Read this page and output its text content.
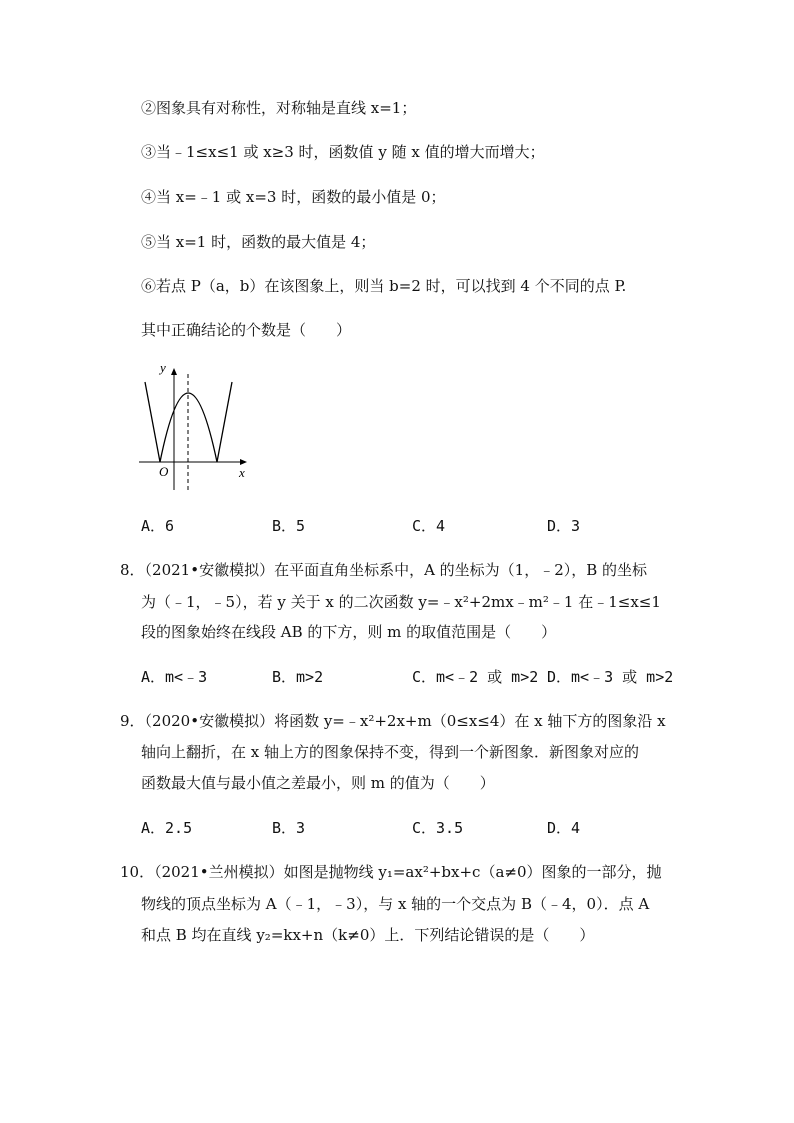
②图象具有对称性，对称轴是直线 x=1；
③当﹣1≤x≤1 或 x≥3 时，函数值 y 随 x 值的增大而增大；
④当 x=﹣1 或 x=3 时，函数的最小值是 0；
⑤当 x=1 时，函数的最大值是 4；
⑥若点 P（a，b）在该图象上，则当 b=2 时，可以找到 4 个不同的点 P.
其中正确结论的个数是（　　）
y
x
O
A．6	B．5	C．4	D．3
8．（2021•安徽模拟）在平面直角坐标系中，A 的坐标为（1，﹣2），B 的坐标
为（﹣1，﹣5），若 y 关于 x 的二次函数 y=﹣x²+2mx﹣m²﹣1 在﹣1≤x≤1
段的图象始终在线段 AB 的下方，则 m 的取值范围是（　　）
A．m<﹣3	B．m>2	C．m<﹣2 或 m>2 D．m<﹣3 或 m>2
9．（2020•安徽模拟）将函数 y=﹣x²+2x+m（0≤x≤4）在 x 轴下方的图象沿 x
轴向上翻折，在 x 轴上方的图象保持不变，得到一个新图象．新图象对应的
函数最大值与最小值之差最小，则 m 的值为（　　）
A．2.5	B．3	C．3.5	D．4
10．（2021•兰州模拟）如图是抛物线 y₁=ax²+bx+c（a≠0）图象的一部分，抛
物线的顶点坐标为 A（﹣1，﹣3），与 x 轴的一个交点为 B（﹣4，0）．点 A
和点 B 均在直线 y₂=kx+n（k≠0）上．下列结论错误的是（　　）
